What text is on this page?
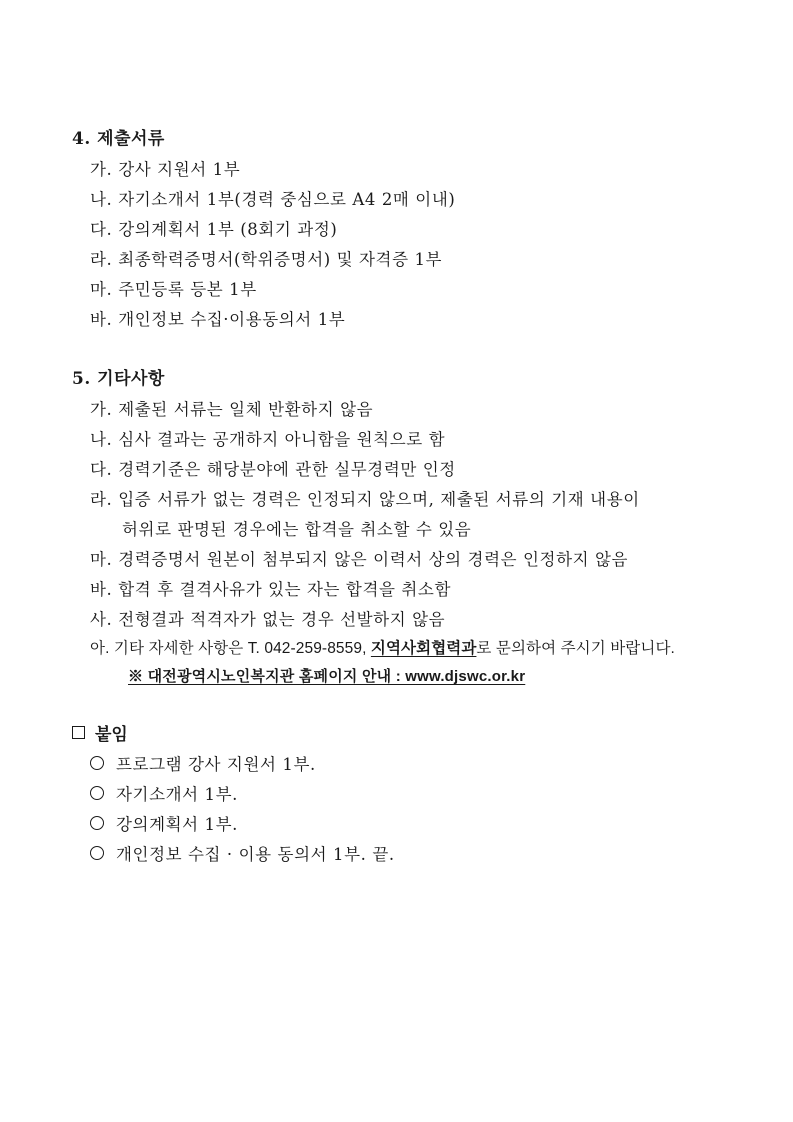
4. 제출서류
가. 강사 지원서 1부
나. 자기소개서 1부(경력 중심으로 A4 2매 이내)
다. 강의계획서 1부 (8회기 과정)
라. 최종학력증명서(학위증명서) 및 자격증 1부
마. 주민등록 등본 1부
바. 개인정보 수집·이용동의서 1부
5. 기타사항
가. 제출된 서류는 일체 반환하지 않음
나. 심사 결과는 공개하지 아니함을 원칙으로 함
다. 경력기준은 해당분야에 관한 실무경력만 인정
라. 입증 서류가 없는 경력은 인정되지 않으며, 제출된 서류의 기재 내용이
허위로 판명된 경우에는 합격을 취소할 수 있음
마. 경력증명서 원본이 첨부되지 않은 이력서 상의 경력은 인정하지 않음
바. 합격 후 결격사유가 있는 자는 합격을 취소함
사. 전형결과 적격자가 없는 경우 선발하지 않음
아. 기타 자세한 사항은 T. 042-259-8559, 지역사회협력과로 문의하여 주시기 바랍니다.
※ 대전광역시노인복지관 홈페이지 안내 : www.djswc.or.kr
붙임
프로그램 강사 지원서 1부.
자기소개서 1부.
강의계획서 1부.
개인정보 수집 · 이용 동의서 1부. 끝.
